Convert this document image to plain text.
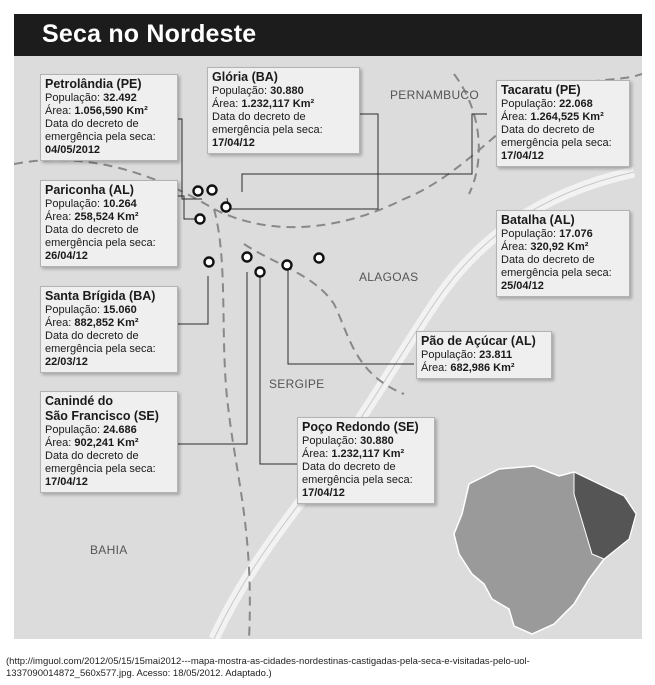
Seca no Nordeste
PERNAMBUCO
ALAGOAS
SERGIPE
BAHIA
Petrolândia (PE)
População: 32.492
Área: 1.056,590 Km²
Data do decreto de
emergência pela seca:
04/05/2012
Glória (BA)
População: 30.880
Área: 1.232,117 Km²
Data do decreto de
emergência pela seca:
17/04/12
Tacaratu (PE)
População: 22.068
Área: 1.264,525 Km²
Data do decreto de
emergência pela seca:
17/04/12
Pariconha (AL)
População: 10.264
Área: 258,524 Km²
Data do decreto de
emergência pela seca:
26/04/12
Batalha (AL)
População: 17.076
Área: 320,92 Km²
Data do decreto de
emergência pela seca:
25/04/12
Santa Brígida (BA)
População: 15.060
Área: 882,852 Km²
Data do decreto de
emergência pela seca:
22/03/12
Pão de Açúcar (AL)
População: 23.811
Área: 682,986 Km²
Canindé do
São Francisco (SE)
População: 24.686
Área: 902,241 Km²
Data do decreto de
emergência pela seca:
17/04/12
Poço Redondo (SE)
População: 30.880
Área: 1.232,117 Km²
Data do decreto de
emergência pela seca:
17/04/12
(http://imguol.com/2012/05/15/15mai2012---mapa-mostra-as-cidades-nordestinas-castigadas-pela-seca-e-visitadas-pelo-uol-
1337090014872_560x577.jpg. Acesso: 18/05/2012. Adaptado.)
